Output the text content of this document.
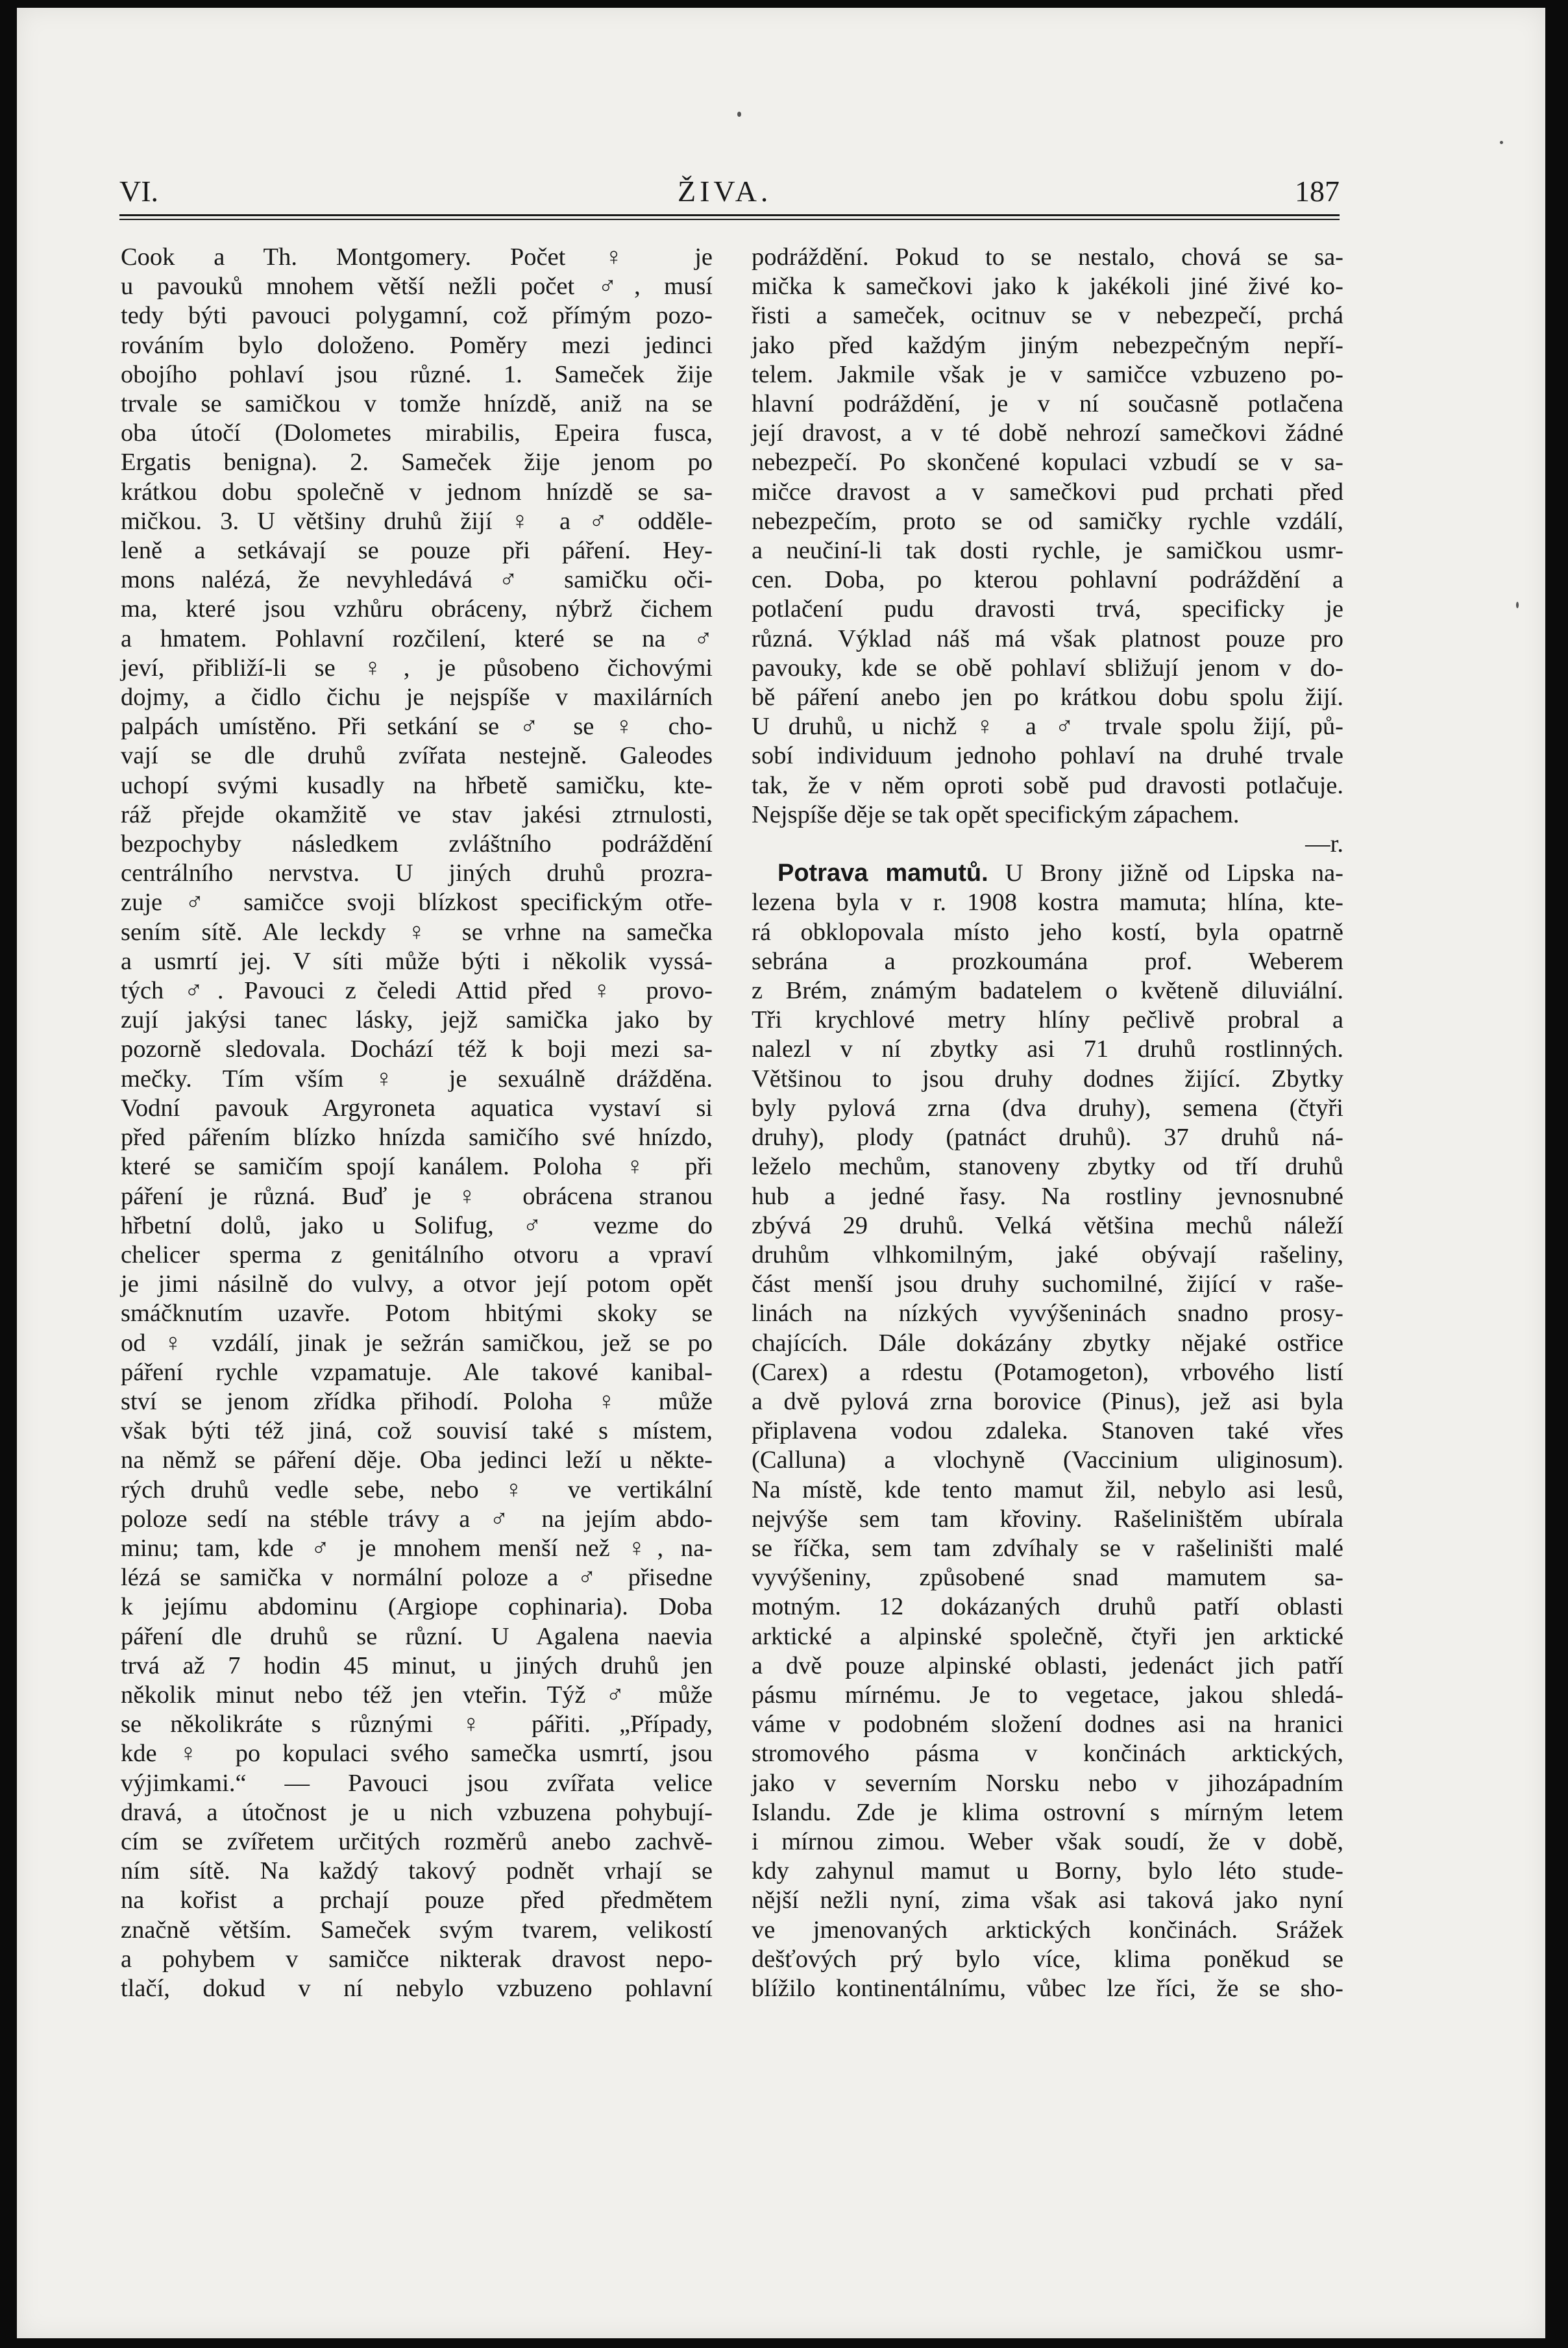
VI.	ŽIVA.	187
Cook a Th. Montgomery. Počet ♀ je
u pavouků mnohem větší nežli počet ♂, musí
tedy býti pavouci polygamní, což přímým pozo-
rováním bylo doloženo. Poměry mezi jedinci
obojího pohlaví jsou různé. 1. Sameček žije
trvale se samičkou v tomže hnízdě, aniž na se
oba útočí (Dolometes mirabilis, Epeira fusca,
Ergatis benigna). 2. Sameček žije jenom po
krátkou dobu společně v jednom hnízdě se sa-
mičkou. 3. U většiny druhů žijí ♀ a ♂ odděle-
leně a setkávají se pouze při páření. Hey-
mons nalézá, že nevyhledává ♂ samičku oči-
ma, které jsou vzhůru obráceny, nýbrž čichem
a hmatem. Pohlavní rozčilení, které se na ♂
jeví, přibliží-li se ♀, je působeno čichovými
dojmy, a čidlo čichu je nejspíše v maxilárních
palpách umístěno. Při setkání se ♂ se ♀ cho-
vají se dle druhů zvířata nestejně. Galeodes
uchopí svými kusadly na hřbetě samičku, kte-
ráž přejde okamžitě ve stav jakési ztrnulosti,
bezpochyby následkem zvláštního podráždění
centrálního nervstva. U jiných druhů prozra-
zuje ♂ samičce svoji blízkost specifickým otře-
sením sítě. Ale leckdy ♀ se vrhne na samečka
a usmrtí jej. V síti může býti i několik vyssá-
tých ♂. Pavouci z čeledi Attid před ♀ provo-
zují jakýsi tanec lásky, jejž samička jako by
pozorně sledovala. Dochází též k boji mezi sa-
mečky. Tím vším ♀ je sexuálně drážděna.
Vodní pavouk Argyroneta aquatica vystaví si
před pářením blízko hnízda samičího své hnízdo,
které se samičím spojí kanálem. Poloha ♀ při
páření je různá. Buď je ♀ obrácena stranou
hřbetní dolů, jako u Solifug, ♂ vezme do
chelicer sperma z genitálního otvoru a vpraví
je jimi násilně do vulvy, a otvor její potom opět
smáčknutím uzavře. Potom hbitými skoky se
od ♀ vzdálí, jinak je sežrán samičkou, jež se po
páření rychle vzpamatuje. Ale takové kanibal-
ství se jenom zřídka přihodí. Poloha ♀ může
však býti též jiná, což souvisí také s místem,
na němž se páření děje. Oba jedinci leží u někte-
rých druhů vedle sebe, nebo ♀ ve vertikální
poloze sedí na stéble trávy a ♂ na jejím abdo-
minu; tam, kde ♂ je mnohem menší než ♀, na-
lézá se samička v normální poloze a ♂ přisedne
k jejímu abdominu (Argiope cophinaria). Doba
páření dle druhů se různí. U Agalena naevia
trvá až 7 hodin 45 minut, u jiných druhů jen
několik minut nebo též jen vteřin. Týž ♂ může
se několikráte s různými ♀ pářiti. „Případy,
kde ♀ po kopulaci svého samečka usmrtí, jsou
výjimkami.“ — Pavouci jsou zvířata velice
dravá, a útočnost je u nich vzbuzena pohybují-
cím se zvířetem určitých rozměrů anebo zachvě-
ním sítě. Na každý takový podnět vrhají se
na kořist a prchají pouze před předmětem
značně větším. Sameček svým tvarem, velikostí
a pohybem v samičce nikterak dravost nepo-
tlačí, dokud v ní nebylo vzbuzeno pohlavní
podráždění. Pokud to se nestalo, chová se sa-
mička k samečkovi jako k jakékoli jiné živé ko-
řisti a sameček, ocitnuv se v nebezpečí, prchá
jako před každým jiným nebezpečným nepří-
telem. Jakmile však je v samičce vzbuzeno po-
hlavní podráždění, je v ní současně potlačena
její dravost, a v té době nehrozí samečkovi žádné
nebezpečí. Po skončené kopulaci vzbudí se v sa-
mičce dravost a v samečkovi pud prchati před
nebezpečím, proto se od samičky rychle vzdálí,
a neučiní-li tak dosti rychle, je samičkou usmr-
cen. Doba, po kterou pohlavní podráždění a
potlačení pudu dravosti trvá, specificky je
různá. Výklad náš má však platnost pouze pro
pavouky, kde se obě pohlaví sbližují jenom v do-
bě páření anebo jen po krátkou dobu spolu žijí.
U druhů, u nichž ♀ a ♂ trvale spolu žijí, pů-
sobí individuum jednoho pohlaví na druhé trvale
tak, že v něm oproti sobě pud dravosti potlačuje.
Nejspíše děje se tak opět specifickým zápachem.
—r.
Potrava mamutů. U Brony jižně od Lipska na-
lezena byla v r. 1908 kostra mamuta; hlína, kte-
rá obklopovala místo jeho kostí, byla opatrně
sebrána a prozkoumána prof. Weberem
z Brém, známým badatelem o květeně diluviální.
Tři krychlové metry hlíny pečlivě probral a
nalezl v ní zbytky asi 71 druhů rostlinných.
Většinou to jsou druhy dodnes žijící. Zbytky
byly pylová zrna (dva druhy), semena (čtyři
druhy), plody (patnáct druhů). 37 druhů ná-
leželo mechům, stanoveny zbytky od tří druhů
hub a jedné řasy. Na rostliny jevnosnubné
zbývá 29 druhů. Velká většina mechů náleží
druhům vlhkomilným, jaké obývají rašeliny,
část menší jsou druhy suchomilné, žijící v raše-
linách na nízkých vyvýšeninách snadno prosy-
chajících. Dále dokázány zbytky nějaké ostřice
(Carex) a rdestu (Potamogeton), vrbového listí
a dvě pylová zrna borovice (Pinus), jež asi byla
připlavena vodou zdaleka. Stanoven také vřes
(Calluna) a vlochyně (Vaccinium uliginosum).
Na místě, kde tento mamut žil, nebylo asi lesů,
nejvýše sem tam křoviny. Rašeliništěm ubírala
se říčka, sem tam zdvíhaly se v rašeliništi malé
vyvýšeniny, způsobené snad mamutem sa-
motným. 12 dokázaných druhů patří oblasti
arktické a alpinské společně, čtyři jen arktické
a dvě pouze alpinské oblasti, jedenáct jich patří
pásmu mírnému. Je to vegetace, jakou shledá-
váme v podobném složení dodnes asi na hranici
stromového pásma v končinách arktických,
jako v severním Norsku nebo v jihozápadním
Islandu. Zde je klima ostrovní s mírným letem
i mírnou zimou. Weber však soudí, že v době,
kdy zahynul mamut u Borny, bylo léto stude-
nější nežli nyní, zima však asi taková jako nyní
ve jmenovaných arktických končinách. Srážek
dešťových prý bylo více, klima poněkud se
blížilo kontinentálnímu, vůbec lze říci, že se sho-
